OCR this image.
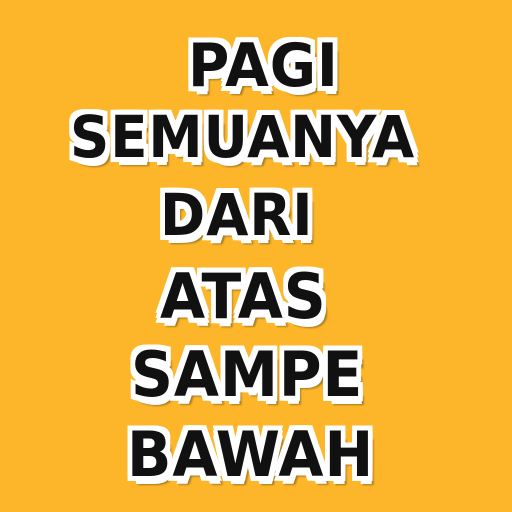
PAGI
SEMUANYA
DARI
ATAS
SAMPE
BAWAH
